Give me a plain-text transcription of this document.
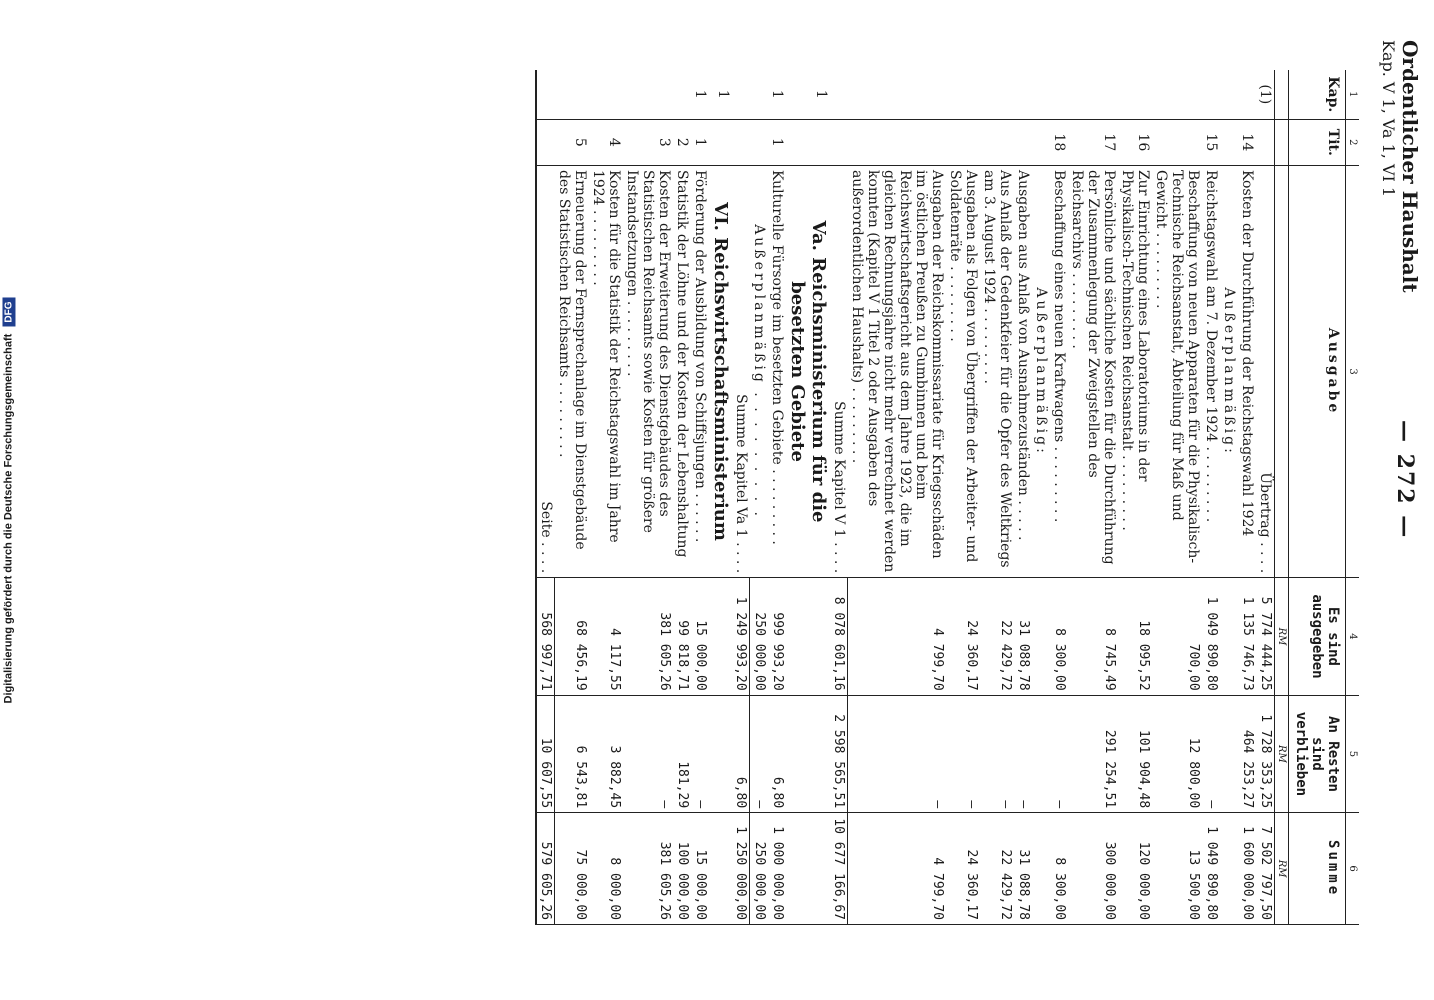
Digitalisierung gefördert durch die Deutsche Forschungsgemeinschaft DFG
Ordentlicher Haushalt
Kap. V 1, Va 1, VI 1
— 272 —
1	2	3	4	5	6
Kap.	Tit.	Ausgabe	Es sind ausgegeben	An Resten sind verblieben	Summe
			RM	RM	RM
(1)		Übertrag . . . .	5 774 444,25	1 728 353,25	7 502 797,50
	14	Kosten der Durchführung der Reichstagswahl 1924	1 135 746,73	464 253,27	1 600 000,00
		Außerplanmäßig:			
	15	Reichstagswahl am 7. Dezember 1924 . . . . . . . . .	1 049 890,80	—	1 049 890,80
		Beschaffung von neuen Apparaten für die Physikalisch-Technische Reichsanstalt, Abteilung für Maß und Gewicht . . . . . . . . .	700,00	12 800,00	13 500,00
	16	Zur Einrichtung eines Laboratoriums in der Physikalisch-Technischen Reichsanstalt . . . . . . . . .	18 095,52	101 904,48	120 000,00
	17	Persönliche und sächliche Kosten für die Durchführung der Zusammenlegung der Zweigstellen des Reichsarchivs . . . . . . . . .	8 745,49	291 254,51	300 000,00
	18	Beschaffung eines neuen Kraftwagens . . . . . . . . .	8 300,00	—	8 300,00
		Außerplanmäßig:			
		Ausgaben aus Anlaß von Ausnahmezuständen . . . . .	31 088,78	—	31 088,78
		Aus Anlaß der Gedenkfeier für die Opfer des Weltkriegs am 3. August 1924 . . . . . . . . .	22 429,72	—	22 429,72
		Ausgaben als Folgen von Übergriffen der Arbeiter- und Soldatenräte . . . . . . . . .	24 360,17	—	24 360,17
		Ausgaben der Reichskommissariate für Kriegsschäden im östlichen Preußen zu Gumbinnen und beim Reichswirtschaftsgericht aus dem Jahre 1923, die im gleichen Rechnungsjahre nicht mehr verrechnet werden konnten (Kapitel V 1 Titel 2 oder Ausgaben des außerordentlichen Haushalts) . . . . . . . . .	4 799,70	—	4 799,70
		Summe Kapitel V 1 . . . .	8 078 601,16	2 598 565,51	10 677 166,67
1		Va. Reichsministerium für die besetzten Gebiete			
1	1	Kulturelle Fürsorge im besetzten Gebiete . . . . . . . . .	999 993,20	6,80	1 000 000,00
		Außerplanmäßig . . . . . . . . .	250 000,00	—	250 000,00
		Summe Kapitel Va 1 . . . .	1 249 993,20	6,80	1 250 000,00
1		VI. Reichswirtschaftsministerium			
1	1	Förderung der Ausbildung von Schiffsjungen . . . . . .	15 000,00	—	15 000,00
	2	Statistik der Löhne und der Kosten der Lebenshaltung	99 818,71	181,29	100 000,00
	3	Kosten der Erweiterung des Dienstgebäudes des Statistischen Reichsamts sowie Kosten für größere Instandsetzungen . . . . . . . . .	381 605,26	—	381 605,26
	4	Kosten für die Statistik der Reichstagswahl im Jahre 1924 . . . . . . . . .	4 117,55	3 882,45	8 000,00
	5	Erneuerung der Fernsprechanlage im Dienstgebäude des Statistischen Reichsamts . . . . . . . . .	68 456,19	6 543,81	75 000,00
		Seite . . . .	568 997,71	10 607,55	579 605,26
